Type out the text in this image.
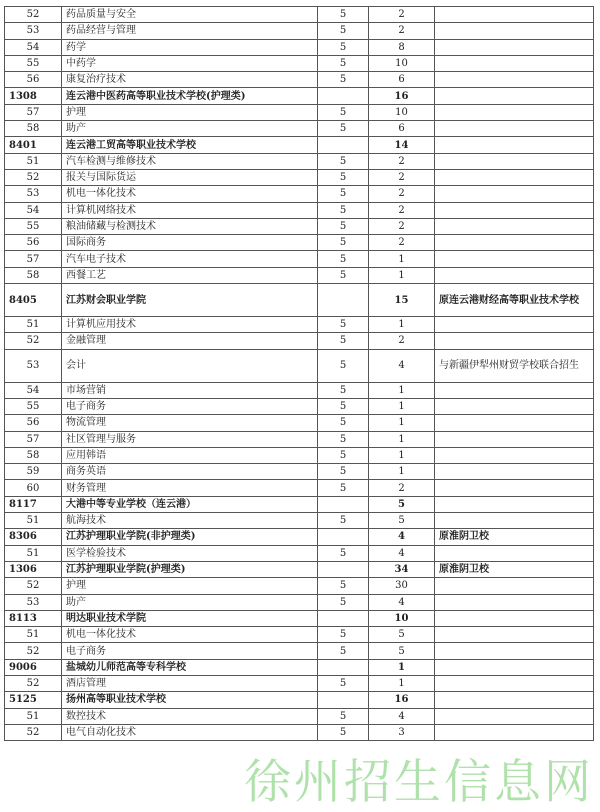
52	药品质量与安全	5	2	
53	药品经营与管理	5	2	
54	药学	5	8	
55	中药学	5	10	
56	康复治疗技术	5	6	
1308	连云港中医药高等职业技术学校(护理类)		16	
57	护理	5	10	
58	助产	5	6	
8401	连云港工贸高等职业技术学校		14	
51	汽车检测与维修技术	5	2	
52	报关与国际货运	5	2	
53	机电一体化技术	5	2	
54	计算机网络技术	5	2	
55	粮油储藏与检测技术	5	2	
56	国际商务	5	2	
57	汽车电子技术	5	1	
58	西餐工艺	5	1	
8405	江苏财会职业学院		15	原连云港财经高等职业技术学校
51	计算机应用技术	5	1	
52	金融管理	5	2	
53	会计	5	4	与新疆伊犁州财贸学校联合招生
54	市场营销	5	1	
55	电子商务	5	1	
56	物流管理	5	1	
57	社区管理与服务	5	1	
58	应用韩语	5	1	
59	商务英语	5	1	
60	财务管理	5	2	
8117	大港中等专业学校（连云港）		5	
51	航海技术	5	5	
8306	江苏护理职业学院(非护理类)		4	原淮阴卫校
51	医学检验技术	5	4	
1306	江苏护理职业学院(护理类)		34	原淮阴卫校
52	护理	5	30	
53	助产	5	4	
8113	明达职业技术学院		10	
51	机电一体化技术	5	5	
52	电子商务	5	5	
9006	盐城幼儿师范高等专科学校		1	
52	酒店管理	5	1	
5125	扬州高等职业技术学校		16	
51	数控技术	5	4	
52	电气自动化技术	5	3	
徐州招生信息网
